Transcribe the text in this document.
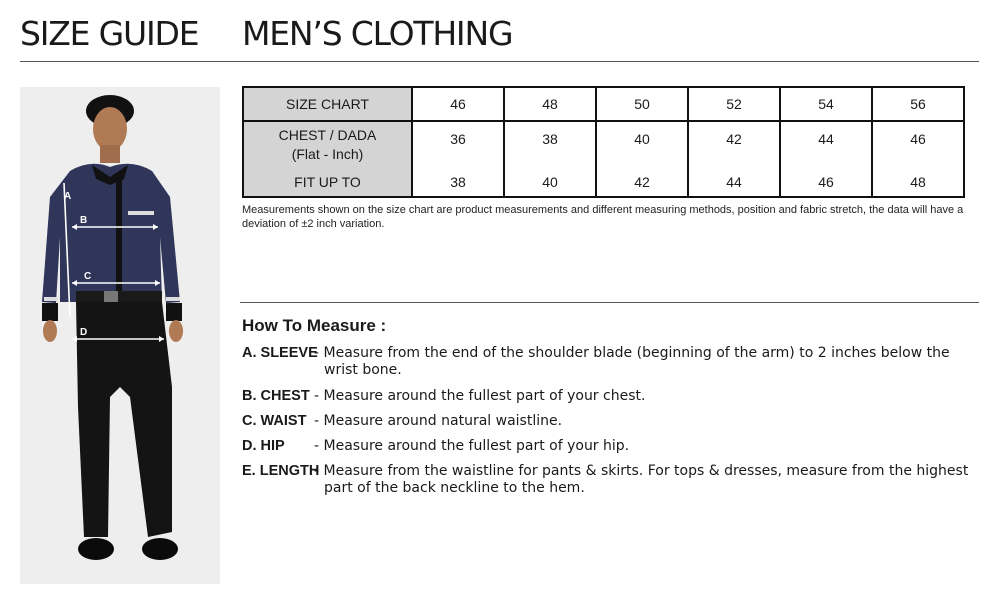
SIZE GUIDE MEN’S CLOTHING
A
B
C
D
SIZE CHART	46	48	50	52	54	56

CHEST / DADA
(Flat - Inch)	36	38	40	42	44	46
FIT UP TO	38	40	42	44	46	48
Measurements shown on the size chart are product measurements and different measuring methods, position and fabric stretch, the data will have a deviation of ±2 inch variation.
How To Measure :
A. SLEEVE
- Measure from the end of the shoulder blade (beginning of the arm) to 2 inches below the wrist bone.
B. CHEST - Measure around the fullest part of your chest.
C. WAIST - Measure around natural waistline.
D. HIP	- Measure around the fullest part of your hip.
E. LENGTH
- Measure from the waistline for pants & skirts. For tops & dresses, measure from the highest part of the back neckline to the hem.
